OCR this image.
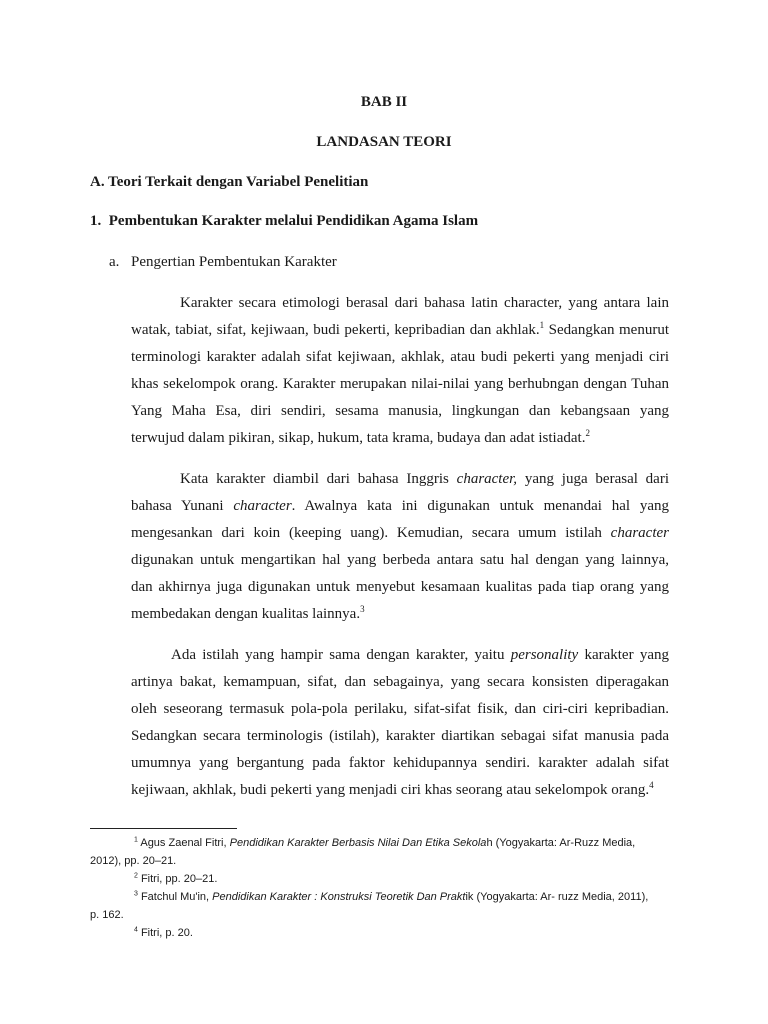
BAB II
LANDASAN TEORI
A. Teori Terkait dengan Variabel Penelitian
1.  Pembentukan Karakter melalui Pendidikan Agama Islam
a. Pengertian Pembentukan Karakter
Karakter secara etimologi berasal dari bahasa latin character, yang antara lain
watak, tabiat, sifat, kejiwaan, budi pekerti, kepribadian dan akhlak.$^1$ Sedangkan menurut
terminologi karakter adalah sifat kejiwaan, akhlak, atau budi pekerti yang menjadi ciri
khas sekelompok orang. Karakter merupakan nilai-nilai yang berhubngan dengan Tuhan
Yang Maha Esa, diri sendiri, sesama manusia, lingkungan dan kebangsaan yang
terwujud dalam pikiran, sikap, hukum, tata krama, budaya dan adat istiadat.$^2$
Kata karakter diambil dari bahasa Inggris character, yang juga berasal dari
bahasa Yunani character. Awalnya kata ini digunakan untuk menandai hal yang
mengesankan dari koin (keeping uang). Kemudian, secara umum istilah character
digunakan untuk mengartikan hal yang berbeda antara satu hal dengan yang lainnya,
dan akhirnya juga digunakan untuk menyebut kesamaan kualitas pada tiap orang yang
membedakan dengan kualitas lainnya.$^3$
Ada istilah yang hampir sama dengan karakter, yaitu personality karakter yang
artinya bakat, kemampuan, sifat, dan sebagainya, yang secara konsisten diperagakan
oleh seseorang termasuk pola-pola perilaku, sifat-sifat fisik, dan ciri-ciri kepribadian.
Sedangkan secara terminologis (istilah), karakter diartikan sebagai sifat manusia pada
umumnya yang bergantung pada faktor kehidupannya sendiri. karakter adalah sifat
kejiwaan, akhlak, budi pekerti yang menjadi ciri khas seorang atau sekelompok orang.$^4$
$^1$ Agus Zaenal Fitri, Pendidikan Karakter Berbasis Nilai Dan Etika Sekolah (Yogyakarta: Ar-Ruzz Media,
2012), pp. 20–21.
$^2$ Fitri, pp. 20–21.
$^3$ Fatchul Mu'in, Pendidikan Karakter : Konstruksi Teoretik Dan Praktik (Yogyakarta: Ar- ruzz Media, 2011),
p. 162.
$^4$ Fitri, p. 20.
